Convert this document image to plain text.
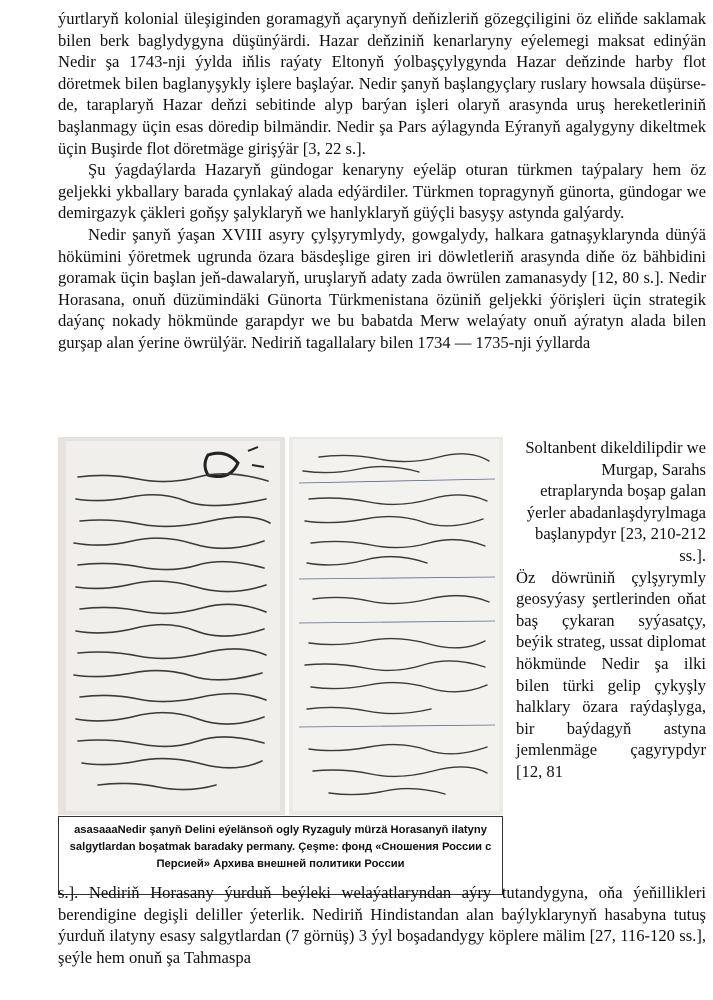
ýurtlaryň kolonial üleşiginden goramagyň açarynyň deňizleriň gözegçiligini öz eliňde saklamak bilen berk baglydygyna düşünýärdi. Hazar deňziniň kenarlaryny eýelemegi maksat edinýän Nedir şa 1743-nji ýylda iňlis raýaty Eltonyň ýolbaşçylygynda Hazar deňzinde harby flot döretmek bilen baglanyşykly işlere başlaýar. Nedir şanyň başlangyçlary ruslary howsala düşürse-de, taraplaryň Hazar deňzi sebitinde alyp barýan işleri olaryň arasynda uruş hereketleriniň başlanmagy üçin esas döredip bilmändir. Nedir şa Pars aýlagynda Eýranyň agalygyny dikeltmek üçin Buşirde flot döretmäge girişýär [3, 22 s.].

Şu ýagdaýlarda Hazaryň gündogar kenaryny eýeläp oturan türkmen taýpalary hem öz geljekki ykballary barada çynlakaý alada edýärdiler. Türkmen topragynyň günorta, gündogar we demirgazyk çäkleri goňşy şalyklaryň we hanlyklaryň güýçli basyşy astynda galýardy.

Nedir şanyň ýaşan XVIII asyry çylşyrymlydy, gowgalydy, halkara gatnaşyklarynda dünýä hökümini ýöretmek ugrunda özara bäsdeşlige giren iri döwletleriň arasynda diňe öz bähbidini goramak üçin başlan jeň-dawalaryň, uruşlaryň adaty zada öwrülen zamanasydy [12, 80 s.]. Nedir Horasana, onuň düzümindäki Günorta Türkmenistana özüniň geljekki ýörişleri üçin strategik daýanç nokady hökmünde garapdyr we bu babatda Merw welaýaty onuň aýratyn alada bilen gurşap alan ýerine öwrülýär. Nediriň tagallalary bilen 1734 — 1735-nji ýyllarda

asasaaaNedir şanyň Delini eýelänsoň ogly Ryzaguly mürzä Horasanyň ilatyny salgytlardan boşatmak baradaky permany. Çeşme: фонд «Сношения России с Персией» Архива внешней политики России

Soltanbent dikeldilipdir we Murgap, Sarahs etraplarynda boşap galan ýerler abadanlaşdyrylmaga başlanypdyr [23, 210-212 ss.].

Öz döwrüniň çylşyrymly geosyýasy şertlerinden oňat baş çykaran syýasatçy, beýik strateg, ussat diplomat hökmünde Nedir şa ilki bilen türki gelip çykyşly halklary özara raýdaşlyga, bir baýdagyň astyna jemlenmäge çagyrypdyr [12, 81

s.]. Nediriň Horasany ýurduň beýleki welaýatlaryndan aýry tutandygyna, oňa ýeňillikleri berendigine degişli deliller ýeterlik. Nediriň Hindistandan alan baýlyklarynyň hasabyna tutuş ýurduň ilatyny esasy salgytlardan (7 görnüş) 3 ýyl boşadandygy köplere mälim [27, 116-120 ss.], şeýle hem onuň şa Tahmaspa
